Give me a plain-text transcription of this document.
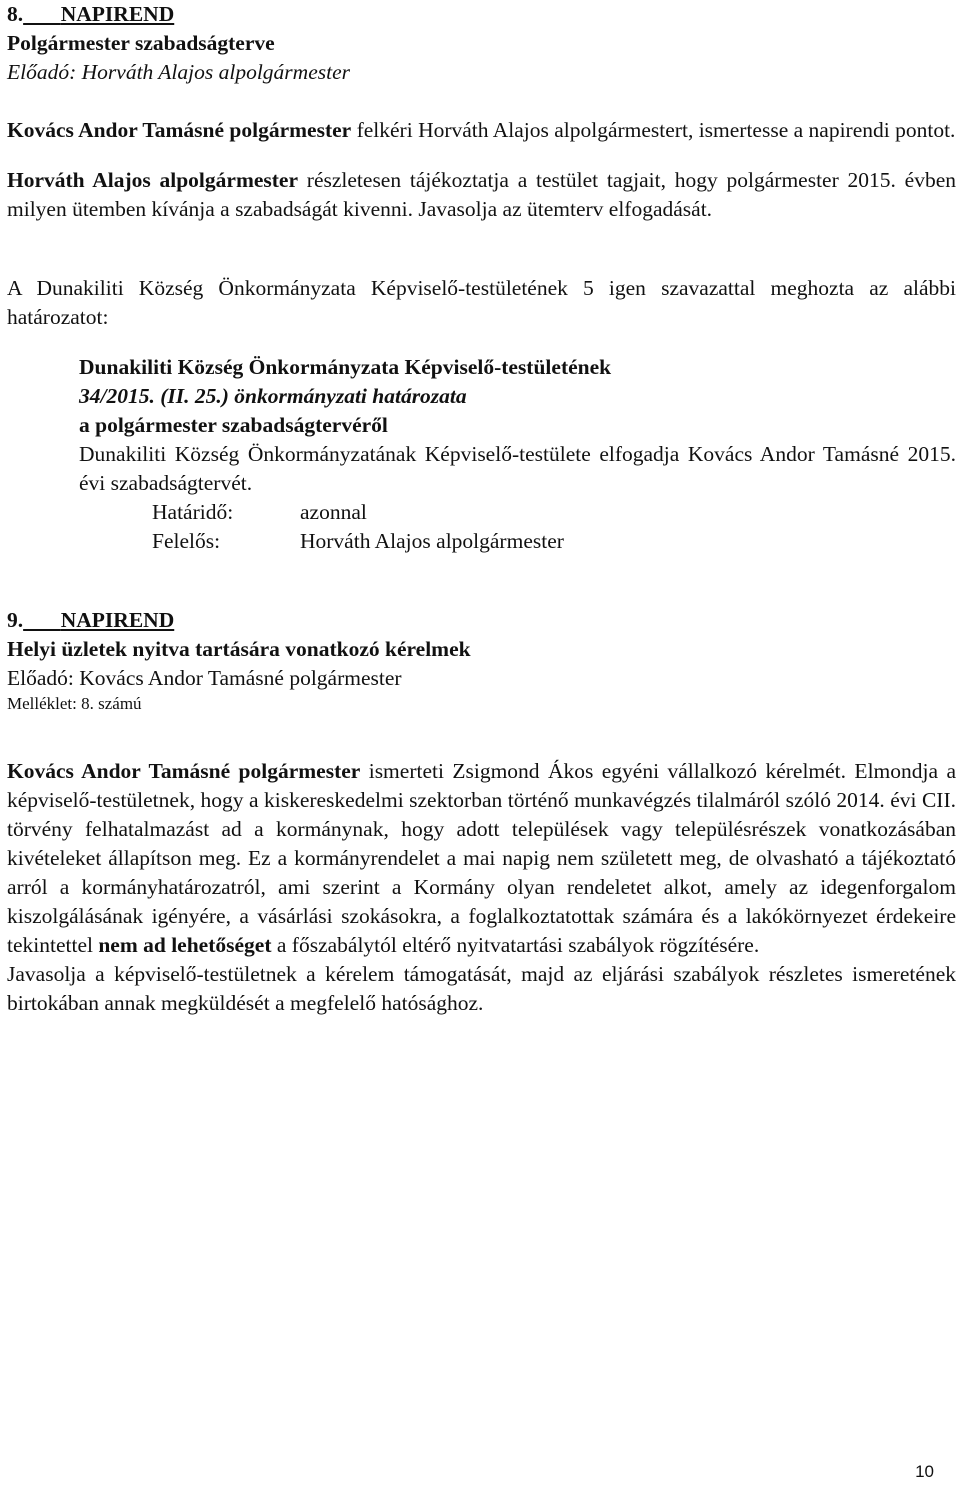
8. NAPIREND

Polgármester szabadságterve

Előadó: Horváth Alajos alpolgármester

Kovács Andor Tamásné polgármester felkéri Horváth Alajos alpolgármestert, ismertesse a napirendi pontot.

Horváth Alajos alpolgármester részletesen tájékoztatja a testület tagjait, hogy polgármester 2015. évben milyen ütemben kívánja a szabadságát kivenni. Javasolja az ütemterv elfogadását.

A Dunakiliti Község Önkormányzata Képviselő-testületének 5 igen szavazattal meghozta az alábbi határozatot:

Dunakiliti Község Önkormányzata Képviselő-testületének

34/2015. (II. 25.) önkormányzati határozata

a polgármester szabadságtervéről

Dunakiliti Község Önkormányzatának Képviselő-testülete elfogadja Kovács Andor Tamásné 2015. évi szabadságtervét.

Határidő:	azonnal
Felelős:	Horváth Alajos alpolgármester

9. NAPIREND

Helyi üzletek nyitva tartására vonatkozó kérelmek

Előadó: Kovács Andor Tamásné polgármester

Melléklet: 8. számú

Kovács Andor Tamásné polgármester ismerteti Zsigmond Ákos egyéni vállalkozó kérelmét. Elmondja a képviselő-testületnek, hogy a kiskereskedelmi szektorban történő munkavégzés tilalmáról szóló 2014. évi CII. törvény felhatalmazást ad a kormánynak, hogy adott települések vagy településrészek vonatkozásában kivételeket állapítson meg. Ez a kormányrendelet a mai napig nem született meg, de olvasható a tájékoztató arról a kormányhatározatról, ami szerint a Kormány olyan rendeletet alkot, amely az idegenforgalom kiszolgálásának igényére, a vásárlási szokásokra, a foglalkoztatottak számára és a lakókörnyezet érdekeire tekintettel nem ad lehetőséget a főszabálytól eltérő nyitvatartási szabályok rögzítésére.

Javasolja a képviselő-testületnek a kérelem támogatását, majd az eljárási szabályok részletes ismeretének birtokában annak megküldését a megfelelő hatósághoz.

10
